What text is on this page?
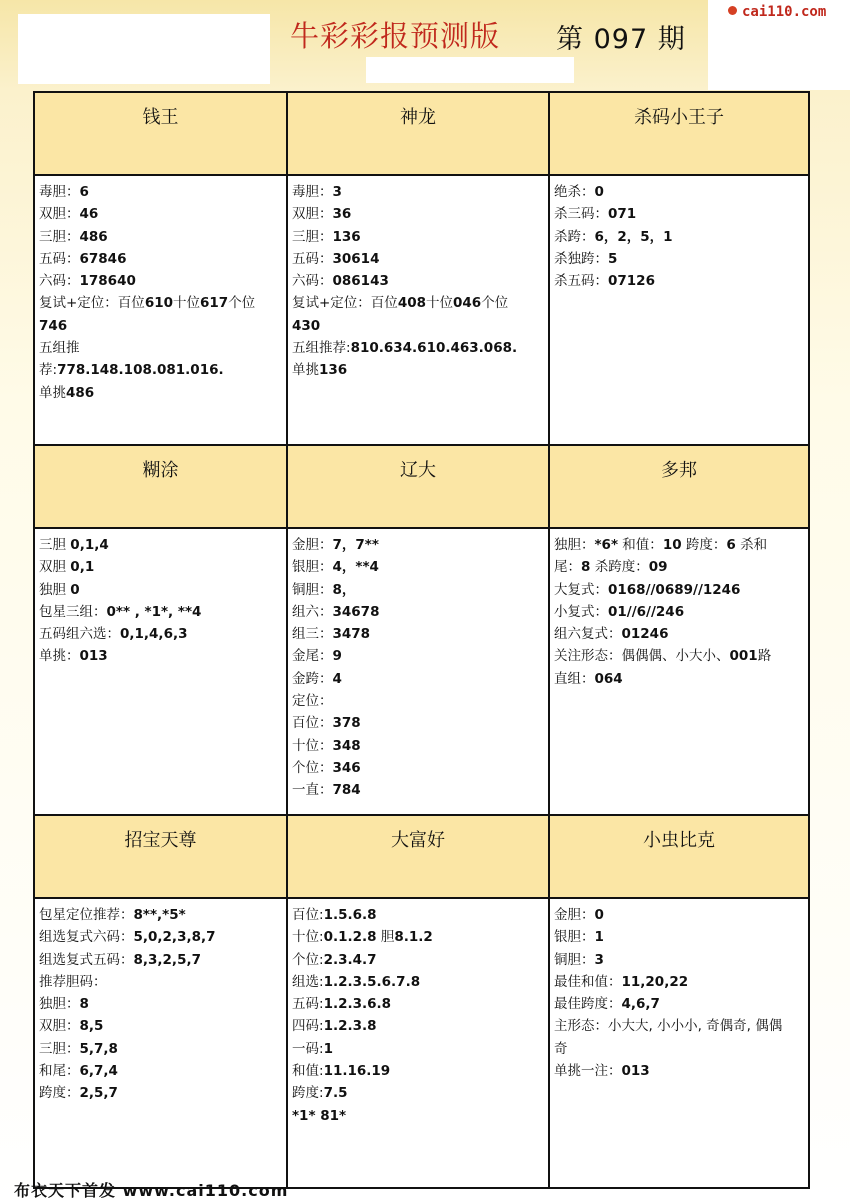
cai110.com
牛彩彩报预测版 第 097 期
钱王	神龙	杀码小王子
毒胆：6
双胆：46
三胆：486
五码：67846
六码：178640
复试+定位：百位610十位617个位
746
五组推
荐:778.148.108.081.016.
单挑486
毒胆：3
双胆：36
三胆：136
五码：30614
六码：086143
复试+定位：百位408十位046个位
430
五组推荐:810.634.610.463.068.
单挑136
绝杀：0
杀三码：071
杀跨：6，2，5，1
杀独跨：5
杀五码：07126
糊涂	辽大	多邦
三胆 0,1,4
双胆 0,1
独胆 0
包星三组：0** , *1*, **4
五码组六选：0,1,4,6,3
单挑：013
金胆：7，7**
银胆：4，**4
铜胆：8，
组六：34678
组三：3478
金尾：9
金跨：4
定位：
百位：378
十位：348
个位：346
一直：784
独胆：*6* 和值：10 跨度：6 杀和
尾：8 杀跨度：09
大复式：0168//0689//1246
小复式：01//6//246
组六复式：01246
关注形态：偶偶偶、小大小、001路
直组：064
招宝天尊	大富好	小虫比克
包星定位推荐：8**,*5*
组选复式六码：5,0,2,3,8,7
组选复式五码：8,3,2,5,7
推荐胆码：
独胆：8
双胆：8,5
三胆：5,7,8
和尾：6,7,4
跨度：2,5,7
百位:1.5.6.8
十位:0.1.2.8 胆8.1.2
个位:2.3.4.7
组选:1.2.3.5.6.7.8
五码:1.2.3.6.8
四码:1.2.3.8
一码:1
和值:11.16.19
跨度:7.5
*1* 81*
金胆：0
银胆：1
铜胆：3
最佳和值：11,20,22
最佳跨度：4,6,7
主形态：小大大, 小小小, 奇偶奇, 偶偶
奇
单挑一注：013
布衣天下首发 www.cai110.com
